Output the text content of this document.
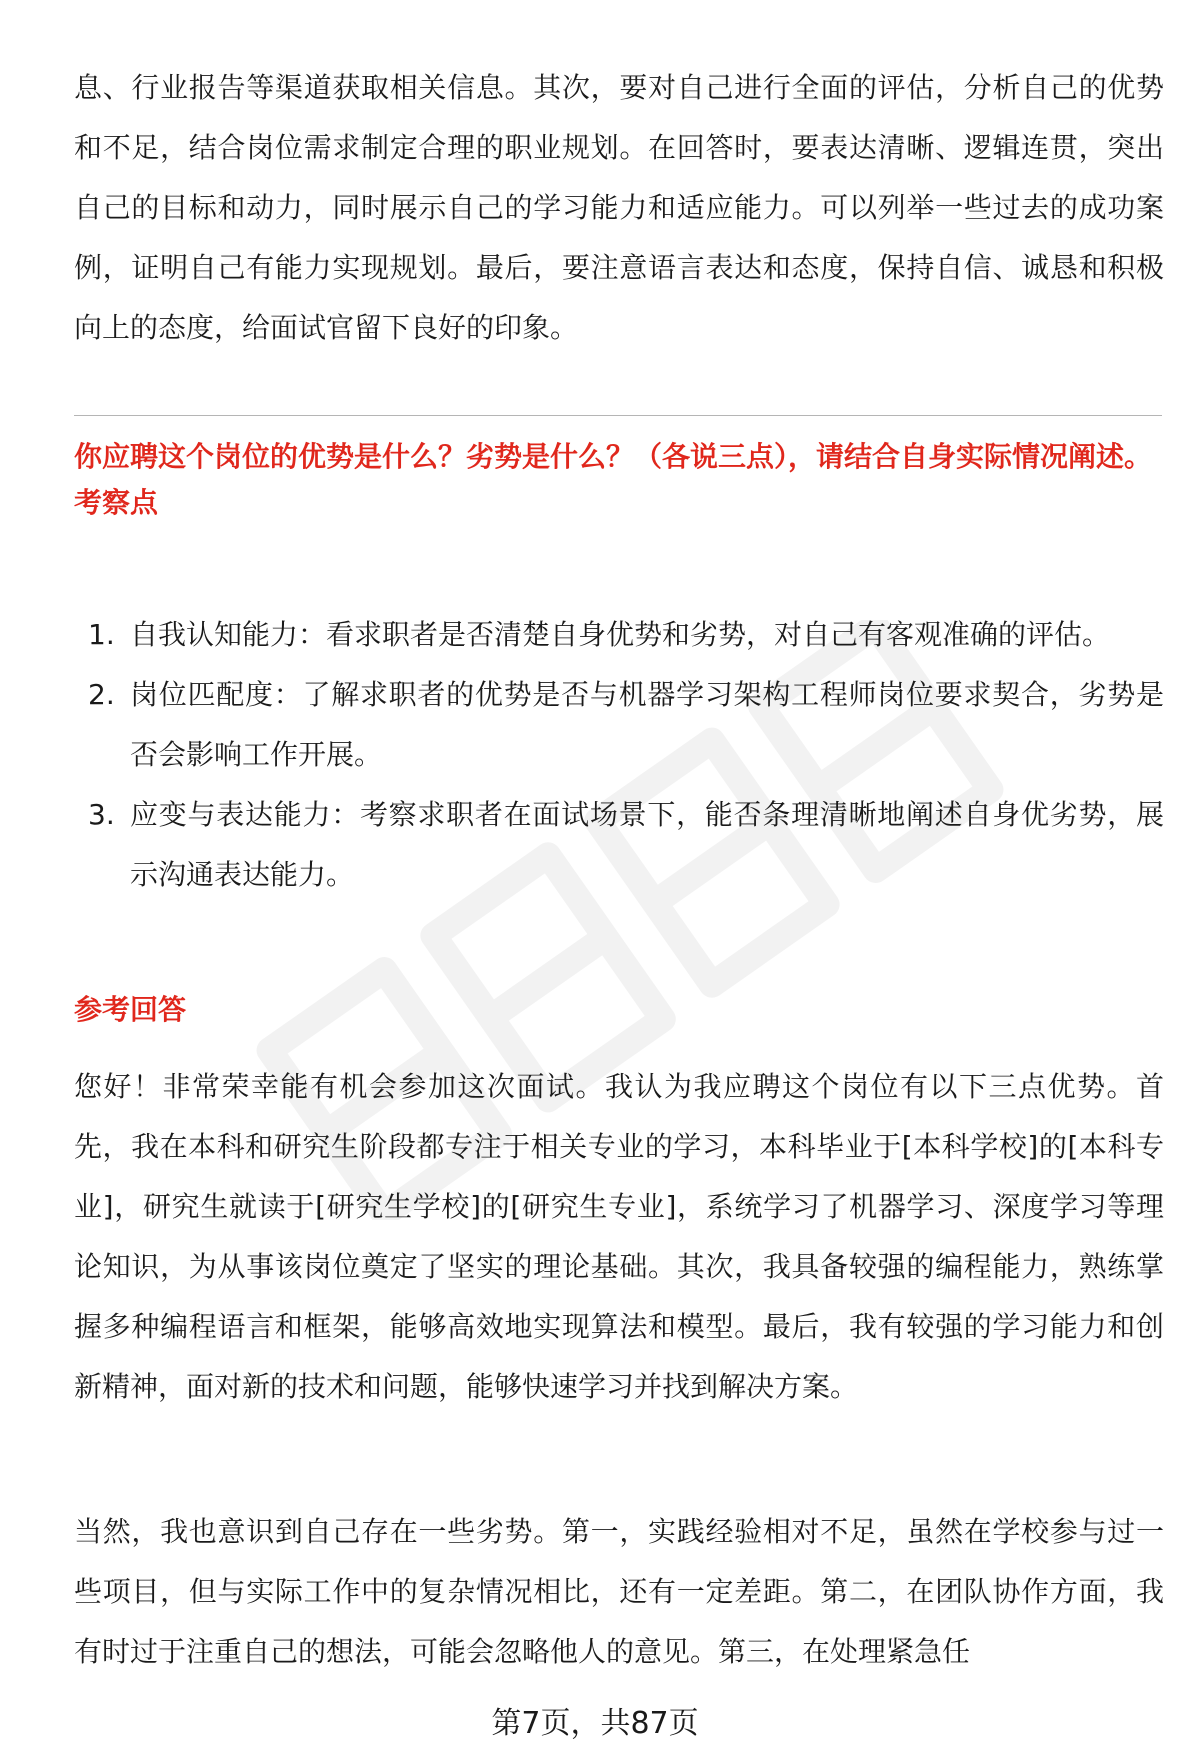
息、行业报告等渠道获取相关信息。其次，要对自己进行全面的评估，分析自己的优势和不足，结合岗位需求制定合理的职业规划。在回答时，要表达清晰、逻辑连贯，突出自己的目标和动力，同时展示自己的学习能力和适应能力。可以列举一些过去的成功案例，证明自己有能力实现规划。最后，要注意语言表达和态度，保持自信、诚恳和积极向上的态度，给面试官留下良好的印象。

你应聘这个岗位的优势是什么？劣势是什么？（各说三点），请结合自身实际情况阐述。

考察点

1. 自我认知能力：看求职者是否清楚自身优势和劣势，对自己有客观准确的评估。
2. 岗位匹配度：了解求职者的优势是否与机器学习架构工程师岗位要求契合，劣势是否会影响工作开展。
3. 应变与表达能力：考察求职者在面试场景下，能否条理清晰地阐述自身优劣势，展示沟通表达能力。

参考回答

您好！非常荣幸能有机会参加这次面试。我认为我应聘这个岗位有以下三点优势。首先，我在本科和研究生阶段都专注于相关专业的学习，本科毕业于[本科学校]的[本科专业]，研究生就读于[研究生学校]的[研究生专业]，系统学习了机器学习、深度学习等理论知识，为从事该岗位奠定了坚实的理论基础。其次，我具备较强的编程能力，熟练掌握多种编程语言和框架，能够高效地实现算法和模型。最后，我有较强的学习能力和创新精神，面对新的技术和问题，能够快速学习并找到解决方案。

当然，我也意识到自己存在一些劣势。第一，实践经验相对不足，虽然在学校参与过一些项目，但与实际工作中的复杂情况相比，还有一定差距。第二，在团队协作方面，我有时过于注重自己的想法，可能会忽略他人的意见。第三，在处理紧急任

第7页，共87页
